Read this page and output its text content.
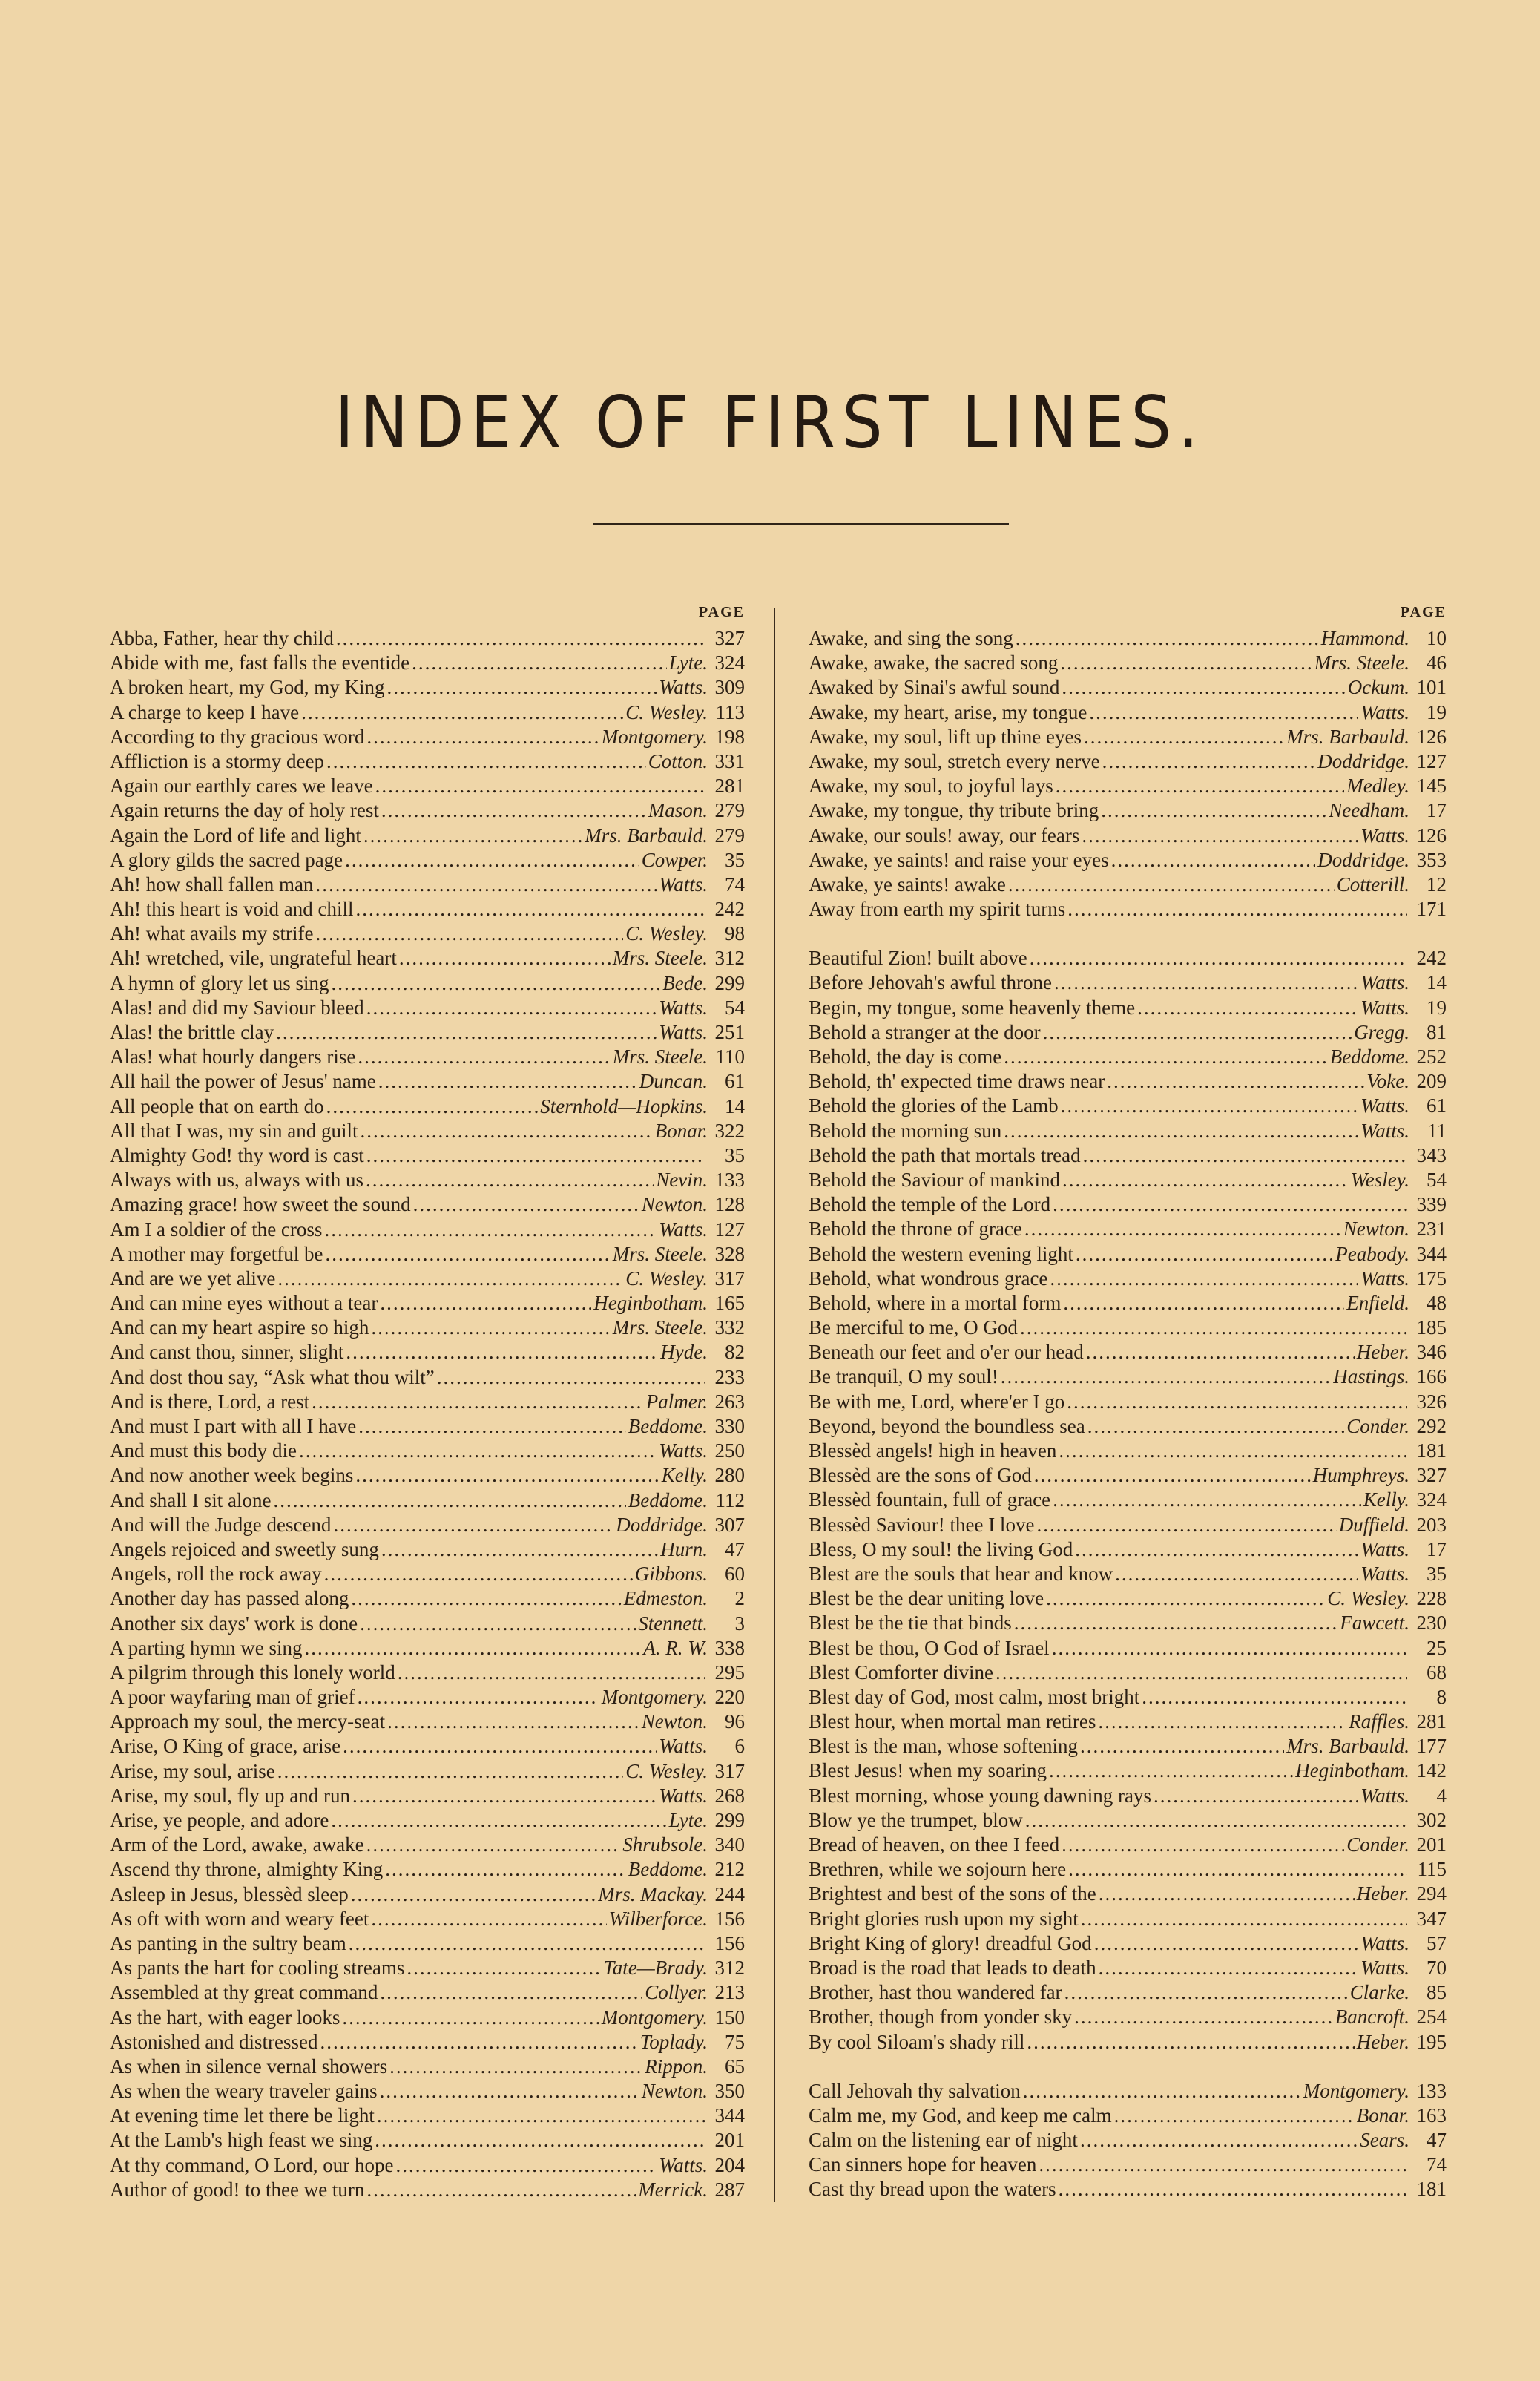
INDEX OF FIRST LINES.
PAGE
Abba, Father, hear thy child .....	327
Abide with me, fast falls the eventide .....	Lyte. 324
A broken heart, my God, my King .....	Watts. 309
A charge to keep I have .....	C. Wesley. 113
According to thy gracious word .....	Montgomery. 198
Affliction is a stormy deep .....	Cotton. 331
Again our earthly cares we leave .....	281
Again returns the day of holy rest .....	Mason. 279
Again the Lord of life and light .....	Mrs. Barbauld. 279
A glory gilds the sacred page .....	Cowper. 35
Ah! how shall fallen man .....	Watts. 74
Ah! this heart is void and chill .....	242
Ah! what avails my strife .....	C. Wesley. 98
Ah! wretched, vile, ungrateful heart .....	Mrs. Steele. 312
A hymn of glory let us sing .....	Bede. 299
Alas! and did my Saviour bleed .....	Watts. 54
Alas! the brittle clay .....	Watts. 251
Alas! what hourly dangers rise .....	Mrs. Steele. 110
All hail the power of Jesus' name .....	Duncan. 61
All people that on earth do .....	Sternhold—Hopkins. 14
All that I was, my sin and guilt .....	Bonar. 322
Almighty God! thy word is cast .....	35
Always with us, always with us .....	Nevin. 133
Amazing grace! how sweet the sound .....	Newton. 128
Am I a soldier of the cross .....	Watts. 127
A mother may forgetful be .....	Mrs. Steele. 328
And are we yet alive .....	C. Wesley. 317
And can mine eyes without a tear .....	Heginbotham. 165
And can my heart aspire so high .....	Mrs. Steele. 332
And canst thou, sinner, slight .....	Hyde. 82
And dost thou say, “Ask what thou wilt” .....	233
And is there, Lord, a rest .....	Palmer. 263
And must I part with all I have .....	Beddome. 330
And must this body die .....	Watts. 250
And now another week begins .....	Kelly. 280
And shall I sit alone .....	Beddome. 112
And will the Judge descend .....	Doddridge. 307
Angels rejoiced and sweetly sung .....	Hurn. 47
Angels, roll the rock away .....	Gibbons. 60
Another day has passed along .....	Edmeston.	2
Another six days' work is done .....	Stennett.	3
A parting hymn we sing .....	A. R. W. 338
A pilgrim through this lonely world .....	295
A poor wayfaring man of grief .....	Montgomery. 220
Approach my soul, the mercy-seat .....	Newton. 96
Arise, O King of grace, arise .....	Watts.	6
Arise, my soul, arise .....	C. Wesley. 317
Arise, my soul, fly up and run .....	Watts. 268
Arise, ye people, and adore .....	Lyte. 299
Arm of the Lord, awake, awake .....	Shrubsole. 340
Ascend thy throne, almighty King .....	Beddome. 212
Asleep in Jesus, blessèd sleep .....	Mrs. Mackay. 244
As oft with worn and weary feet .....	Wilberforce. 156
As panting in the sultry beam .....	156
As pants the hart for cooling streams .....	Tate—Brady. 312
Assembled at thy great command .....	Collyer. 213
As the hart, with eager looks .....	Montgomery. 150
Astonished and distressed .....	Toplady. 75
As when in silence vernal showers .....	Rippon. 65
As when the weary traveler gains .....	Newton. 350
At evening time let there be light .....	344
At the Lamb's high feast we sing .....	201
At thy command, O Lord, our hope .....	Watts. 204
Author of good! to thee we turn .....	Merrick. 287
PAGE
Awake, and sing the song .....	Hammond. 10
Awake, awake, the sacred song .....	Mrs. Steele. 46
Awaked by Sinai's awful sound .....	Ockum. 101
Awake, my heart, arise, my tongue .....	Watts. 19
Awake, my soul, lift up thine eyes .....	Mrs. Barbauld. 126
Awake, my soul, stretch every nerve .....	Doddridge. 127
Awake, my soul, to joyful lays .....	Medley. 145
Awake, my tongue, thy tribute bring .....	Needham. 17
Awake, our souls! away, our fears .....	Watts. 126
Awake, ye saints! and raise your eyes .....	Doddridge. 353
Awake, ye saints! awake .....	Cotterill. 12
Away from earth my spirit turns .....	171
Beautiful Zion! built above .....	242
Before Jehovah's awful throne .....	Watts. 14
Begin, my tongue, some heavenly theme .....	Watts. 19
Behold a stranger at the door .....	Gregg. 81
Behold, the day is come .....	Beddome. 252
Behold, th' expected time draws near .....	Voke. 209
Behold the glories of the Lamb .....	Watts. 61
Behold the morning sun .....	Watts. 11
Behold the path that mortals tread .....	343
Behold the Saviour of mankind .....	Wesley. 54
Behold the temple of the Lord .....	339
Behold the throne of grace .....	Newton. 231
Behold the western evening light .....	Peabody. 344
Behold, what wondrous grace .....	Watts. 175
Behold, where in a mortal form .....	Enfield. 48
Be merciful to me, O God .....	185
Beneath our feet and o'er our head .....	Heber. 346
Be tranquil, O my soul! .....	Hastings. 166
Be with me, Lord, where'er I go .....	326
Beyond, beyond the boundless sea .....	Conder. 292
Blessèd angels! high in heaven .....	181
Blessèd are the sons of God .....	Humphreys. 327
Blessèd fountain, full of grace .....	Kelly. 324
Blessèd Saviour! thee I love .....	Duffield. 203
Bless, O my soul! the living God .....	Watts. 17
Blest are the souls that hear and know .....	Watts. 35
Blest be the dear uniting love .....	C. Wesley. 228
Blest be the tie that binds .....	Fawcett. 230
Blest be thou, O God of Israel .....	25
Blest Comforter divine .....	68
Blest day of God, most calm, most bright .....	8
Blest hour, when mortal man retires .....	Raffles. 281
Blest is the man, whose softening .....	Mrs. Barbauld. 177
Blest Jesus! when my soaring .....	Heginbotham. 142
Blest morning, whose young dawning rays .....	Watts.	4
Blow ye the trumpet, blow .....	302
Bread of heaven, on thee I feed .....	Conder. 201
Brethren, while we sojourn here .....	115
Brightest and best of the sons of the .....	Heber. 294
Bright glories rush upon my sight .....	347
Bright King of glory! dreadful God .....	Watts. 57
Broad is the road that leads to death .....	Watts. 70
Brother, hast thou wandered far .....	Clarke. 85
Brother, though from yonder sky .....	Bancroft. 254
By cool Siloam's shady rill .....	Heber. 195
Call Jehovah thy salvation .....	Montgomery. 133
Calm me, my God, and keep me calm .....	Bonar. 163
Calm on the listening ear of night .....	Sears. 47
Can sinners hope for heaven .....	74
Cast thy bread upon the waters .....	181
